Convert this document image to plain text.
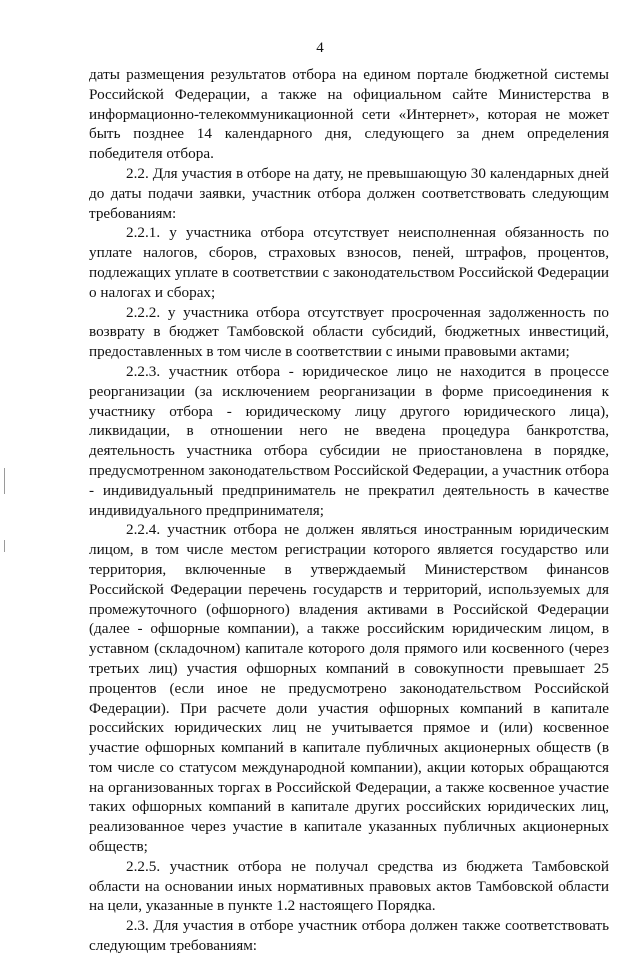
4

даты размещения результатов отбора на едином портале бюджетной системы Российской Федерации, а также на официальном сайте Министерства в информационно-телекоммуникационной сети «Интернет», которая не может быть позднее 14 календарного дня, следующего за днем определения победителя отбора.

2.2. Для участия в отборе на дату, не превышающую 30 календарных дней до даты подачи заявки, участник отбора должен соответствовать следующим требованиям:

2.2.1. у участника отбора отсутствует неисполненная обязанность по уплате налогов, сборов, страховых взносов, пеней, штрафов, процентов, подлежащих уплате в соответствии с законодательством Российской Федерации о налогах и сборах;

2.2.2. у участника отбора отсутствует просроченная задолженность по возврату в бюджет Тамбовской области субсидий, бюджетных инвестиций, предоставленных в том числе в соответствии с иными правовыми актами;

2.2.3. участник отбора - юридическое лицо не находится в процессе реорганизации (за исключением реорганизации в форме присоединения к участнику отбора - юридическому лицу другого юридического лица), ликвидации, в отношении него не введена процедура банкротства, деятельность участника отбора субсидии не приостановлена в порядке, предусмотренном законодательством Российской Федерации, а участник отбора - индивидуальный предприниматель не прекратил деятельность в качестве индивидуального предпринимателя;

2.2.4. участник отбора не должен являться иностранным юридическим лицом, в том числе местом регистрации которого является государство или территория, включенные в утверждаемый Министерством финансов Российской Федерации перечень государств и территорий, используемых для промежуточного (офшорного) владения активами в Российской Федерации (далее - офшорные компании), а также российским юридическим лицом, в уставном (складочном) капитале которого доля прямого или косвенного (через третьих лиц) участия офшорных компаний в совокупности превышает 25 процентов (если иное не предусмотрено законодательством Российской Федерации). При расчете доли участия офшорных компаний в капитале российских юридических лиц не учитывается прямое и (или) косвенное участие офшорных компаний в капитале публичных акционерных обществ (в том числе со статусом международной компании), акции которых обращаются на организованных торгах в Российской Федерации, а также косвенное участие таких офшорных компаний в капитале других российских юридических лиц, реализованное через участие в капитале указанных публичных акционерных обществ;

2.2.5. участник отбора не получал средства из бюджета Тамбовской области на основании иных нормативных правовых актов Тамбовской области на цели, указанные в пункте 1.2 настоящего Порядка.

2.3. Для участия в отборе участник отбора должен также соответствовать следующим требованиям:
